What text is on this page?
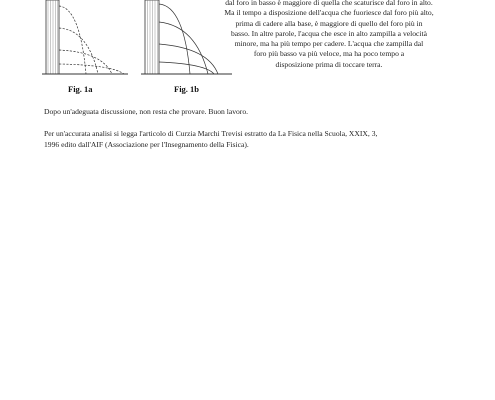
Fig. 1a	Fig. 1b

dal foro in basso è maggiore di quella che scaturisce dal foro in alto.

Ma il tempo a disposizione dell'acqua che fuoriesce dal foro più alto,

prima di cadere alla base, è maggiore di quello del foro più in

basso. In altre parole, l'acqua che esce in alto zampilla a velocità

minore, ma ha più tempo per cadere. L'acqua che zampilla dal

foro più basso va più veloce, ma ha poco tempo a

disposizione prima di toccare terra.

Dopo un'adeguata discussione, non resta che provare. Buon lavoro.

Per un'accurata analisi si legga l'articolo di Curzia Marchi Trevisi estratto da La Fisica nella Scuola, XXIX, 3,

1996 edito dall'AIF (Associazione per l'Insegnamento della Fisica).
